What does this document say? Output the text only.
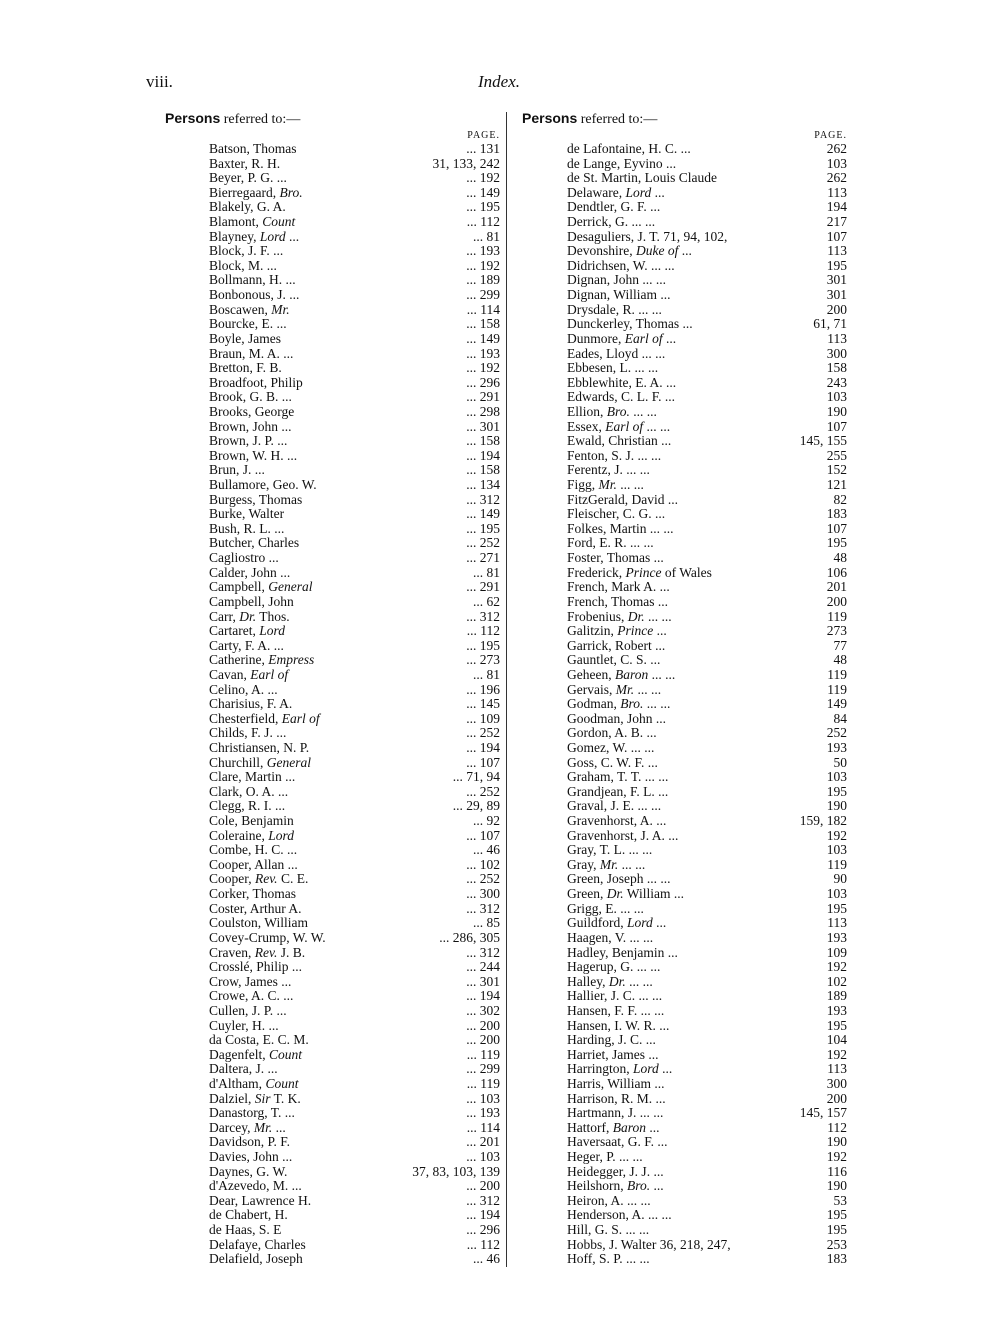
viii.	Index.
Persons referred to:—
PAGE.
Batson, Thomas	... 131
Baxter, R. H.	31, 133, 242
Beyer, P. G. ...	... 192
Bierregaard, Bro.	... 149
Blakely, G. A.	... 195
Blamont, Count	... 112
Blayney, Lord ...	... 81
Block, J. F. ...	... 193
Block, M. ...	... 192
Bollmann, H. ...	... 189
Bonbonous, J. ...	... 299
Boscawen, Mr.	... 114
Bourcke, E. ...	... 158
Boyle, James	... 149
Braun, M. A. ...	... 193
Bretton, F. B.	... 192
Broadfoot, Philip	... 296
Brook, G. B. ...	... 291
Brooks, George	... 298
Brown, John ...	... 301
Brown, J. P. ...	... 158
Brown, W. H. ...	... 194
Brun, J. ...	... 158
Bullamore, Geo. W.	... 134
Burgess, Thomas	... 312
Burke, Walter	... 149
Bush, R. L. ...	... 195
Butcher, Charles	... 252
Cagliostro ...	... 271
Calder, John ...	... 81
Campbell, General	... 291
Campbell, John	... 62
Carr, Dr. Thos.	... 312
Cartaret, Lord	... 112
Carty, F. A. ...	... 195
Catherine, Empress	... 273
Cavan, Earl of	... 81
Celino, A. ...	... 196
Charisius, F. A.	... 145
Chesterfield, Earl of	... 109
Childs, F. J. ...	... 252
Christiansen, N. P.	... 194
Churchill, General	... 107
Clare, Martin ...	... 71, 94
Clark, O. A. ...	... 252
Clegg, R. I. ...	... 29, 89
Cole, Benjamin	... 92
Coleraine, Lord	... 107
Combe, H. C. ...	... 46
Cooper, Allan ...	... 102
Cooper, Rev. C. E.	... 252
Corker, Thomas	... 300
Coster, Arthur A.	... 312
Coulston, William	... 85
Covey-Crump, W. W.	... 286, 305
Craven, Rev. J. B.	... 312
Crosslé, Philip ...	... 244
Crow, James ...	... 301
Crowe, A. C. ...	... 194
Cullen, J. P. ...	... 302
Cuyler, H. ...	... 200
da Costa, E. C. M.	... 200
Dagenfelt, Count	... 119
Daltera, J. ...	... 299
d'Altham, Count	... 119
Dalziel, Sir T. K.	... 103
Danastorg, T. ...	... 193
Darcey, Mr. ...	... 114
Davidson, P. F.	... 201
Davies, John ...	... 103
Daynes, G. W.	37, 83, 103, 139
d'Azevedo, M. ...	... 200
Dear, Lawrence H.	... 312
de Chabert, H.	... 194
de Haas, S. E	... 296
Delafaye, Charles	... 112
Delafield, Joseph	... 46
Persons referred to:—
PAGE.
de Lafontaine, H. C. ...	262
de Lange, Eyvino ...	103
de St. Martin, Louis Claude	262
Delaware, Lord ...	113
Dendtler, G. F. ...	194
Derrick, G. ... ...	217
Desaguliers, J. T. 71, 94, 102,	107
Devonshire, Duke of ...	113
Didrichsen, W. ... ...	195
Dignan, John ... ...	301
Dignan, William ...	301
Drysdale, R. ... ...	200
Dunckerley, Thomas ...	61, 71
Dunmore, Earl of ...	113
Eades, Lloyd ... ...	300
Ebbesen, L. ... ...	158
Ebblewhite, E. A. ...	243
Edwards, C. L. F. ...	103
Ellion, Bro. ... ...	190
Essex, Earl of ... ...	107
Ewald, Christian ...	145, 155
Fenton, S. J. ... ...	255
Ferentz, J. ... ...	152
Figg, Mr. ... ...	121
FitzGerald, David ...	82
Fleischer, C. G. ...	183
Folkes, Martin ... ...	107
Ford, E. R. ... ...	195
Foster, Thomas ...	48
Frederick, Prince of Wales	106
French, Mark A. ...	201
French, Thomas ...	200
Frobenius, Dr. ... ...	119
Galitzin, Prince ...	273
Garrick, Robert ...	77
Gauntlet, C. S. ...	48
Geheen, Baron ... ...	119
Gervais, Mr. ... ...	119
Godman, Bro. ... ...	149
Goodman, John ...	84
Gordon, A. B. ...	252
Gomez, W. ... ...	193
Goss, C. W. F. ...	50
Graham, T. T. ... ...	103
Grandjean, F. L. ...	195
Graval, J. E. ... ...	190
Gravenhorst, A. ...	159, 182
Gravenhorst, J. A. ...	192
Gray, T. L. ... ...	103
Gray, Mr. ... ...	119
Green, Joseph ... ...	90
Green, Dr. William ...	103
Grigg, E. ... ...	195
Guildford, Lord ...	113
Haagen, V. ... ...	193
Hadley, Benjamin ...	109
Hagerup, G. ... ...	192
Halley, Dr. ... ...	102
Hallier, J. C. ... ...	189
Hansen, F. F. ... ...	193
Hansen, I. W. R. ...	195
Harding, J. C. ...	104
Harriet, James ...	192
Harrington, Lord ...	113
Harris, William ...	300
Harrison, R. M. ...	200
Hartmann, J. ... ...	145, 157
Hattorf, Baron ...	112
Haversaat, G. F. ...	190
Heger, P. ... ...	192
Heidegger, J. J. ...	116
Heilshorn, Bro. ...	190
Heiron, A. ... ...	53
Henderson, A. ... ...	195
Hill, G. S. ... ...	195
Hobbs, J. Walter 36, 218, 247,	253
Hoff, S. P. ... ...	183
